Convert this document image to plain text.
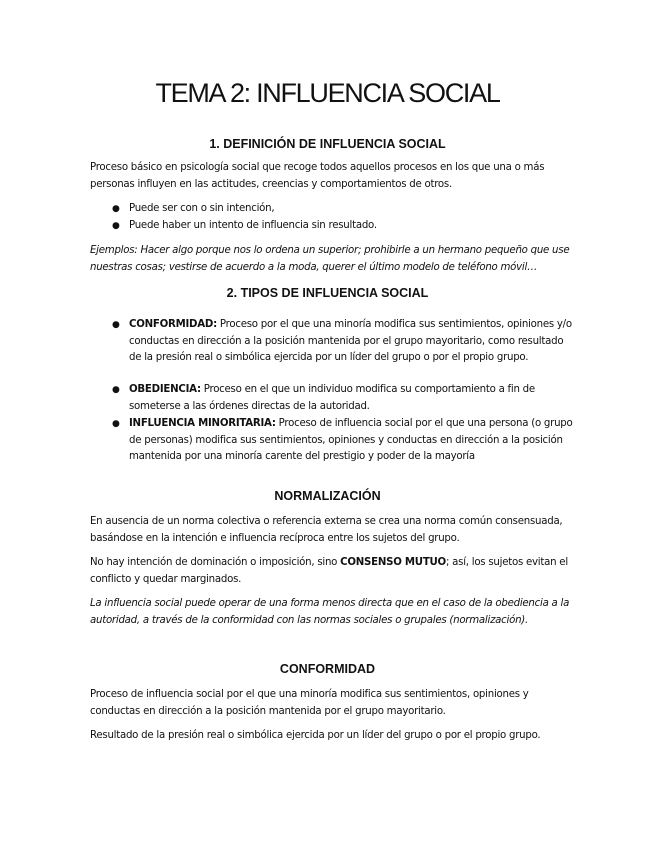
TEMA 2: INFLUENCIA SOCIAL
1. DEFINICIÓN DE INFLUENCIA SOCIAL
Proceso básico en psicología social que recoge todos aquellos procesos en los que una o más personas influyen en las actitudes, creencias y comportamientos de otros.
● Puede ser con o sin intención,
● Puede haber un intento de influencia sin resultado.
Ejemplos: Hacer algo porque nos lo ordena un superior; prohibirle a un hermano pequeño que use nuestras cosas; vestirse de acuerdo a la moda, querer el último modelo de teléfono móvil…
2. TIPOS DE INFLUENCIA SOCIAL
● CONFORMIDAD: Proceso por el que una minoría modifica sus sentimientos, opiniones y/o conductas en dirección a la posición mantenida por el grupo mayoritario, como resultado de la presión real o simbólica ejercida por un líder del grupo o por el propio grupo.
● OBEDIENCIA: Proceso en el que un individuo modifica su comportamiento a fin de someterse a las órdenes directas de la autoridad.
● INFLUENCIA MINORITARIA: Proceso de influencia social por el que una persona (o grupo de personas) modifica sus sentimientos, opiniones y conductas en dirección a la posición mantenida por una minoría carente del prestigio y poder de la mayoría
NORMALIZACIÓN
En ausencia de un norma colectiva o referencia externa se crea una norma común consensuada, basándose en la intención e influencia recíproca entre los sujetos del grupo.
No hay intención de dominación o imposición, sino CONSENSO MUTUO; así, los sujetos evitan el conflicto y quedar marginados.
La influencia social puede operar de una forma menos directa que en el caso de la obediencia a la autoridad, a través de la conformidad con las normas sociales o grupales (normalización).
CONFORMIDAD
Proceso de influencia social por el que una minoría modifica sus sentimientos, opiniones y conductas en dirección a la posición mantenida por el grupo mayoritario.
Resultado de la presión real o simbólica ejercida por un líder del grupo o por el propio grupo.
